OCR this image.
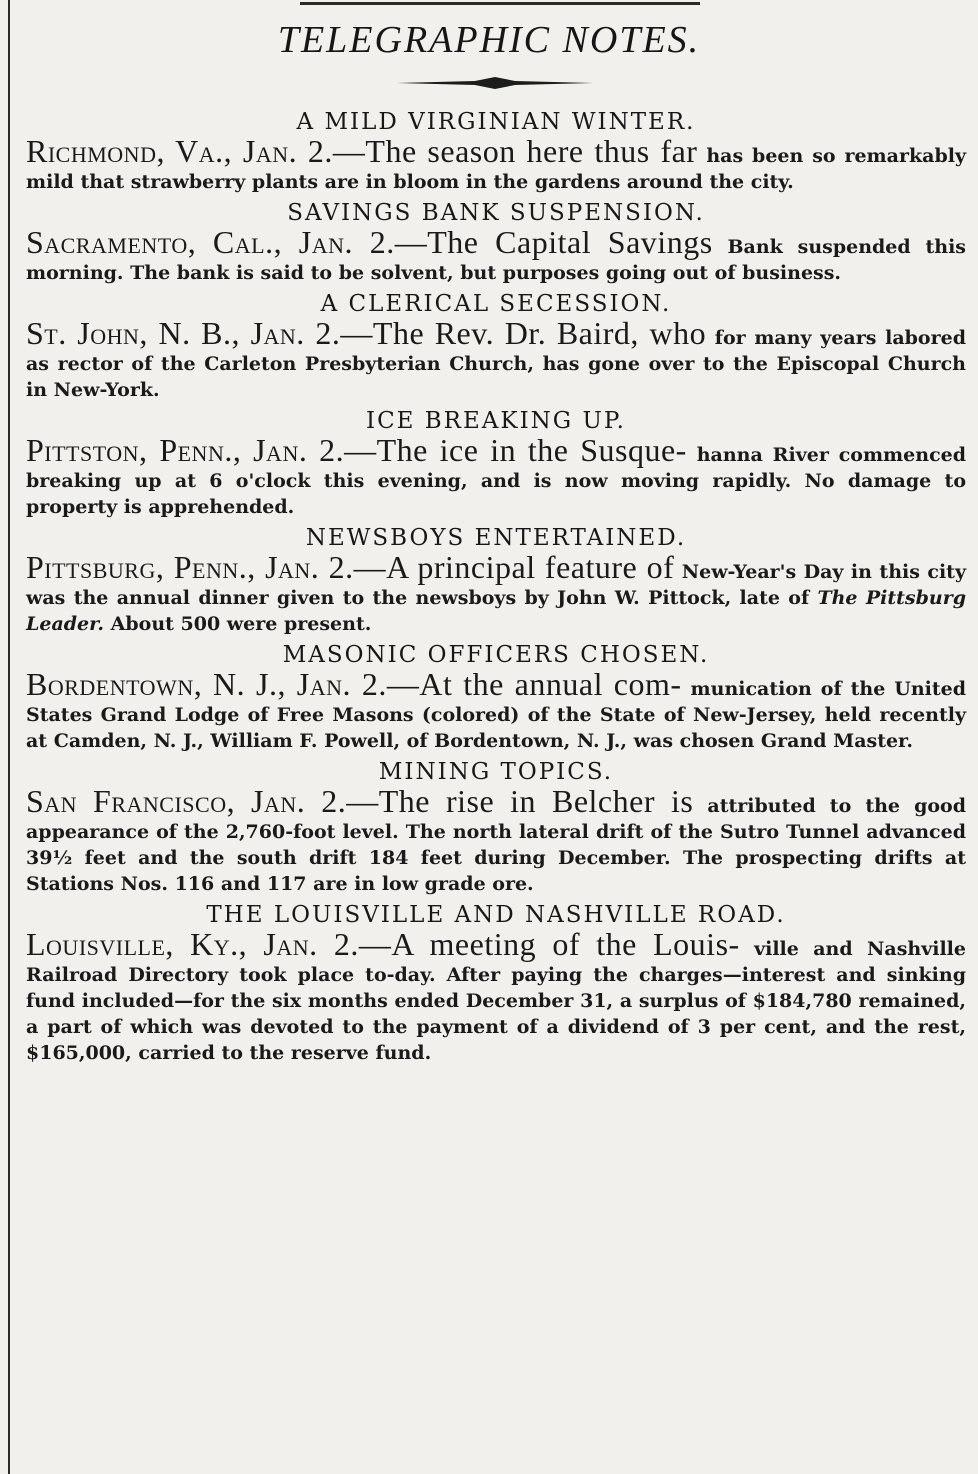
TELEGRAPHIC NOTES.
A MILD VIRGINIAN WINTER.

Richmond, Va., Jan. 2.—The season here thus far has been so remarkably mild that strawberry plants are in bloom in the gardens around the city.

SAVINGS BANK SUSPENSION.

Sacramento, Cal., Jan. 2.—The Capital Savings Bank suspended this morning. The bank is said to be solvent, but purposes going out of business.

A CLERICAL SECESSION.

St. John, N. B., Jan. 2.—The Rev. Dr. Baird, who for many years labored as rector of the Carleton Presbyterian Church, has gone over to the Episcopal Church in New-York.

ICE BREAKING UP.

Pittston, Penn., Jan. 2.—The ice in the Susque- hanna River commenced breaking up at 6 o'clock this evening, and is now moving rapidly. No damage to property is apprehended.

NEWSBOYS ENTERTAINED.

Pittsburg, Penn., Jan. 2.—A principal feature of New-Year's Day in this city was the annual dinner given to the newsboys by John W. Pittock, late of The Pittsburg Leader. About 500 were present.

MASONIC OFFICERS CHOSEN.

Bordentown, N. J., Jan. 2.—At the annual com- munication of the United States Grand Lodge of Free Masons (colored) of the State of New-Jersey, held recently at Camden, N. J., William F. Powell, of Bordentown, N. J., was chosen Grand Master.

MINING TOPICS.

San Francisco, Jan. 2.—The rise in Belcher is attributed to the good appearance of the 2,760-foot level. The north lateral drift of the Sutro Tunnel advanced 39½ feet and the south drift 184 feet during December. The prospecting drifts at Stations Nos. 116 and 117 are in low grade ore.

THE LOUISVILLE AND NASHVILLE ROAD.

Louisville, Ky., Jan. 2.—A meeting of the Louis- ville and Nashville Railroad Directory took place to-day. After paying the charges—interest and sinking fund included—for the six months ended December 31, a surplus of $184,780 remained, a part of which was devoted to the payment of a dividend of 3 per cent, and the rest, $165,000, carried to the reserve fund.
